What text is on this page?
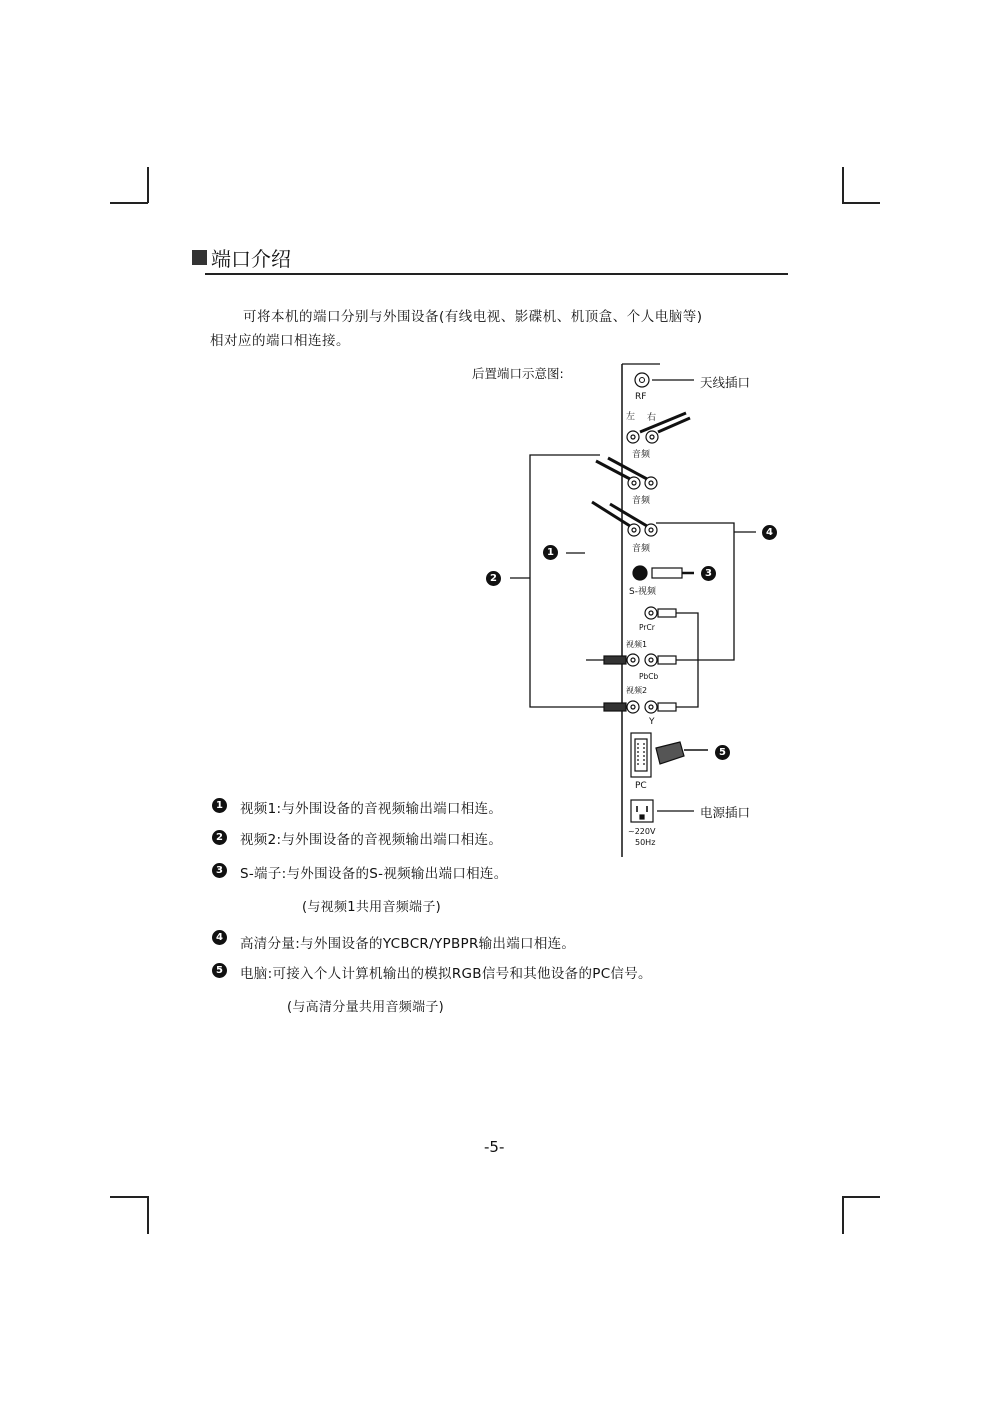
端口介绍
可将本机的端口分别与外围设备(有线电视、影碟机、机顶盒、个人电脑等)
相对应的端口相连接。
后置端口示意图:
天线插口
RF
左 右
音频
音频
音频
S-视频
PrCr
视频1
PbCb
视频2
Y
PC
电源插口
~220V
50Hz
1
2	3
4
5
1 视频1:与外围设备的音视频输出端口相连。
2 视频2:与外围设备的音视频输出端口相连。
3 S-端子:与外围设备的S-视频输出端口相连。
(与视频1共用音频端子)
4 高清分量:与外围设备的YCBCR/YPBPR输出端口相连。
5 电脑:可接入个人计算机输出的模拟RGB信号和其他设备的PC信号。
(与高清分量共用音频端子)
-5-
